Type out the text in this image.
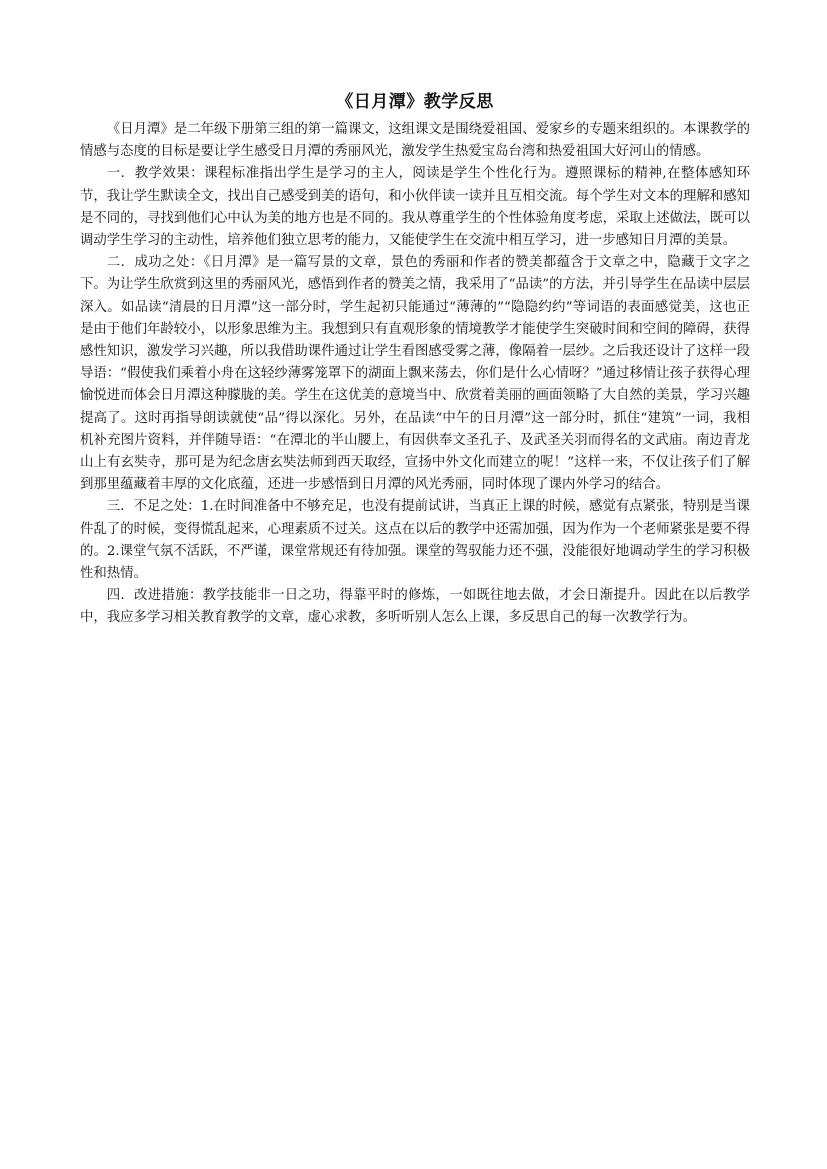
《日月潭》教学反思

《日月潭》是二年级下册第三组的第一篇课文，这组课文是围绕爱祖国、爱家乡的专题来组织的。本课教学的情感与态度的目标是要让学生感受日月潭的秀丽风光，激发学生热爱宝岛台湾和热爱祖国大好河山的情感。

一．教学效果：课程标准指出学生是学习的主人，阅读是学生个性化行为。遵照课标的精神,在整体感知环节，我让学生默读全文，找出自己感受到美的语句，和小伙伴读一读并且互相交流。每个学生对文本的理解和感知是不同的，寻找到他们心中认为美的地方也是不同的。我从尊重学生的个性体验角度考虑，采取上述做法，既可以调动学生学习的主动性，培养他们独立思考的能力，又能使学生在交流中相互学习，进一步感知日月潭的美景。

二．成功之处：《日月潭》是一篇写景的文章，景色的秀丽和作者的赞美都蕴含于文章之中，隐藏于文字之下。为让学生欣赏到这里的秀丽风光，感悟到作者的赞美之情，我采用了“品读”的方法，并引导学生在品读中层层深入。如品读“清晨的日月潭”这一部分时，学生起初只能通过“薄薄的”“隐隐约约”等词语的表面感觉美，这也正是由于他们年龄较小，以形象思维为主。我想到只有直观形象的情境教学才能使学生突破时间和空间的障碍，获得感性知识，激发学习兴趣，所以我借助课件通过让学生看图感受雾之薄，像隔着一层纱。之后我还设计了这样一段导语：“假使我们乘着小舟在这轻纱薄雾笼罩下的湖面上飘来荡去，你们是什么心情呀？”通过移情让孩子获得心理愉悦进而体会日月潭这种朦胧的美。学生在这优美的意境当中、欣赏着美丽的画面领略了大自然的美景，学习兴趣提高了。这时再指导朗读就使“品”得以深化。另外，在品读“中午的日月潭”这一部分时，抓住“建筑”一词，我相机补充图片资料，并伴随导语：“在潭北的半山腰上，有因供奉文圣孔子、及武圣关羽而得名的文武庙。南边青龙山上有玄奘寺，那可是为纪念唐玄奘法师到西天取经，宣扬中外文化而建立的呢！”这样一来，不仅让孩子们了解到那里蕴藏着丰厚的文化底蕴，还进一步感悟到日月潭的风光秀丽，同时体现了课内外学习的结合。

三．不足之处：1.在时间准备中不够充足，也没有提前试讲，当真正上课的时候，感觉有点紧张，特别是当课件乱了的时候，变得慌乱起来，心理素质不过关。这点在以后的教学中还需加强，因为作为一个老师紧张是要不得的。2.课堂气氛不活跃，不严谨，课堂常规还有待加强。课堂的驾驭能力还不强，没能很好地调动学生的学习积极性和热情。

四．改进措施：教学技能非一日之功，得靠平时的修炼，一如既往地去做，才会日渐提升。因此在以后教学中，我应多学习相关教育教学的文章，虚心求教，多听听别人怎么上课，多反思自己的每一次教学行为。
